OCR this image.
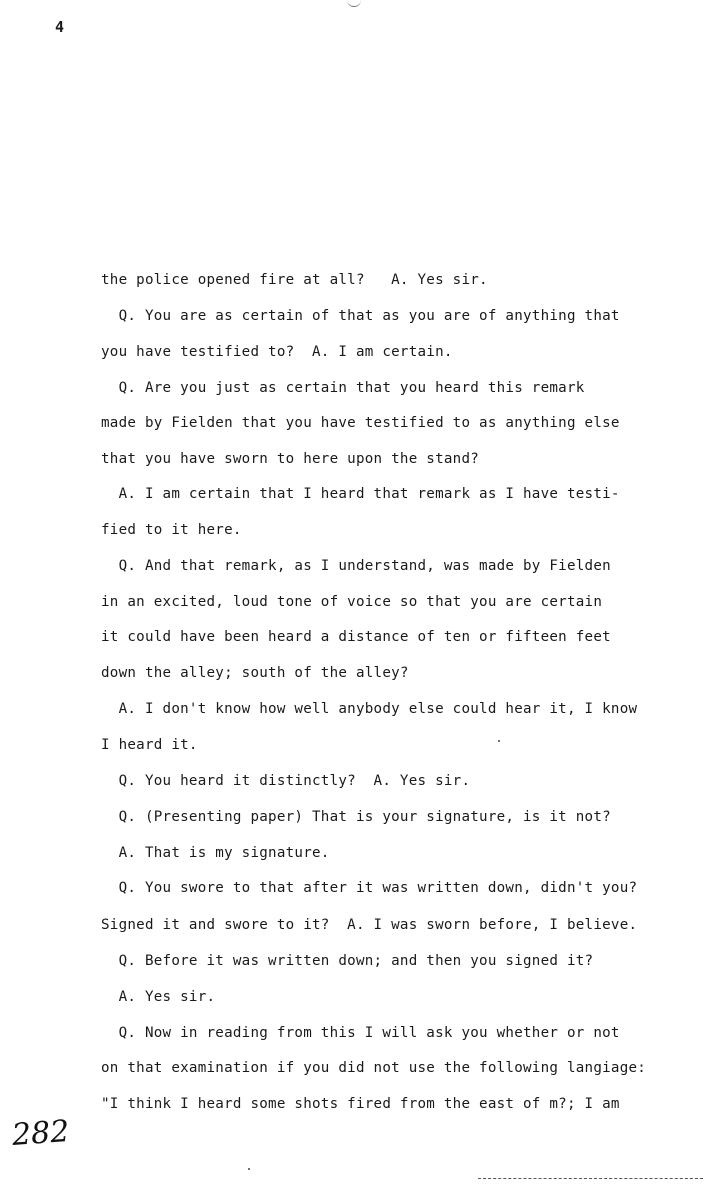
4
the police opened fire at all?   A. Yes sir.
Q. You are as certain of that as you are of anything that
you have testified to?  A. I am certain.
Q. Are you just as certain that you heard this remark
made by Fielden that you have testified to as anything else
that you have sworn to here upon the stand?
A. I am certain that I heard that remark as I have testi-
fied to it here.
Q. And that remark, as I understand, was made by Fielden
in an excited, loud tone of voice so that you are certain
it could have been heard a distance of ten or fifteen feet
down the alley; south of the alley?
A. I don't know how well anybody else could hear it, I know
I heard it.
Q. You heard it distinctly?  A. Yes sir.
Q. (Presenting paper) That is your signature, is it not?
A. That is my signature.
Q. You swore to that after it was written down, didn't you?
Signed it and swore to it?  A. I was sworn before, I believe.
Q. Before it was written down; and then you signed it?
A. Yes sir.
Q. Now in reading from this I will ask you whether or not
on that examination if you did not use the following langiage:
"I think I heard some shots fired from the east of m?; I am
282
